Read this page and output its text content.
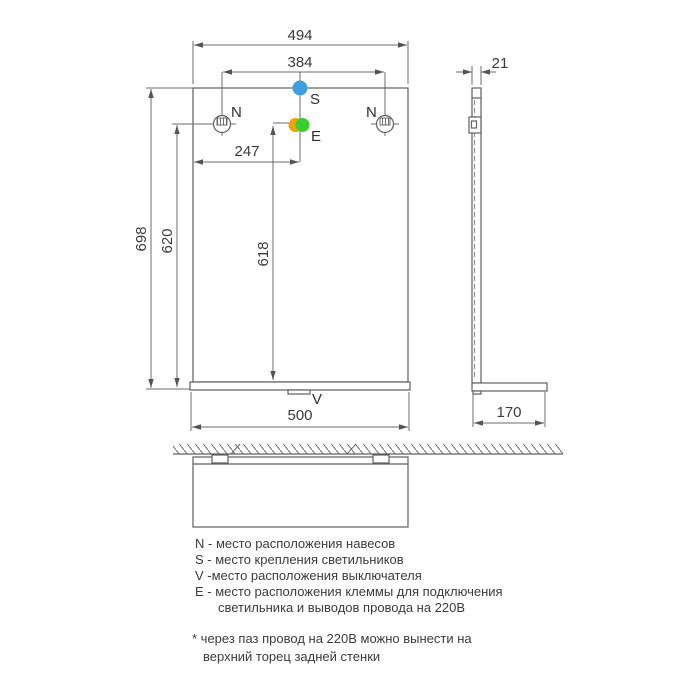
494
384
247
698 620
618
500
N	N
S
E
V
21
170
N - место расположения навесов
S - место крепления светильников
V -место расположения выключателя
E - место расположения клеммы для подключения
светильника и выводов провода на 220В
* через паз провод на 220В можно вынести на
верхний торец задней стенки
